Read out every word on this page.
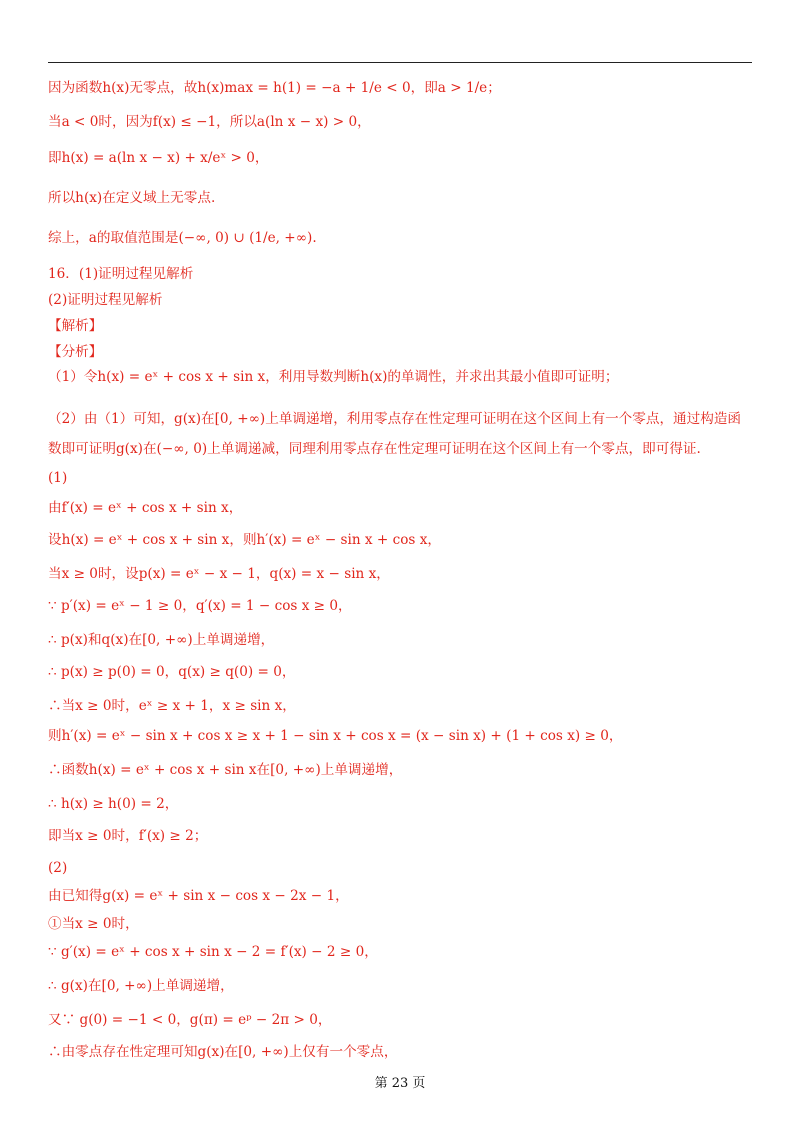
因为函数h(x)无零点，故h(x)max = h(1) = −a + 1/e < 0，即a > 1/e；
当a < 0时，因为f(x) ≤ −1，所以a(ln x − x) > 0，
即h(x) = a(ln x − x) + x/eˣ > 0，
所以h(x)在定义域上无零点.
综上，a的取值范围是(−∞, 0) ∪ (1/e, +∞).
16．(1)证明过程见解析
(2)证明过程见解析
【解析】
【分析】
（1）令h(x) = eˣ + cos x + sin x，利用导数判断h(x)的单调性，并求出其最小值即可证明；
（2）由（1）可知，g(x)在[0, +∞)上单调递增，利用零点存在性定理可证明在这个区间上有一个零点，通过构造函数即可证明g(x)在(−∞, 0)上单调递减，同理利用零点存在性定理可证明在这个区间上有一个零点，即可得证.
(1)
由f′(x) = eˣ + cos x + sin x，
设h(x) = eˣ + cos x + sin x，则h′(x) = eˣ − sin x + cos x，
当x ≥ 0时，设p(x) = eˣ − x − 1，q(x) = x − sin x，
∵ p′(x) = eˣ − 1 ≥ 0，q′(x) = 1 − cos x ≥ 0，
∴ p(x)和q(x)在[0, +∞)上单调递增，
∴ p(x) ≥ p(0) = 0，q(x) ≥ q(0) = 0，
∴当x ≥ 0时，eˣ ≥ x + 1，x ≥ sin x，
则h′(x) = eˣ − sin x + cos x ≥ x + 1 − sin x + cos x = (x − sin x) + (1 + cos x) ≥ 0，
∴函数h(x) = eˣ + cos x + sin x在[0, +∞)上单调递增，
∴ h(x) ≥ h(0) = 2，
即当x ≥ 0时，f′(x) ≥ 2；
(2)
由已知得g(x) = eˣ + sin x − cos x − 2x − 1，
①当x ≥ 0时，
∵ g′(x) = eˣ + cos x + sin x − 2 = f′(x) − 2 ≥ 0，
∴ g(x)在[0, +∞)上单调递增，
又∵ g(0) = −1 < 0，g(π) = eᵖ − 2π > 0，
∴由零点存在性定理可知g(x)在[0, +∞)上仅有一个零点，
第 23 页
